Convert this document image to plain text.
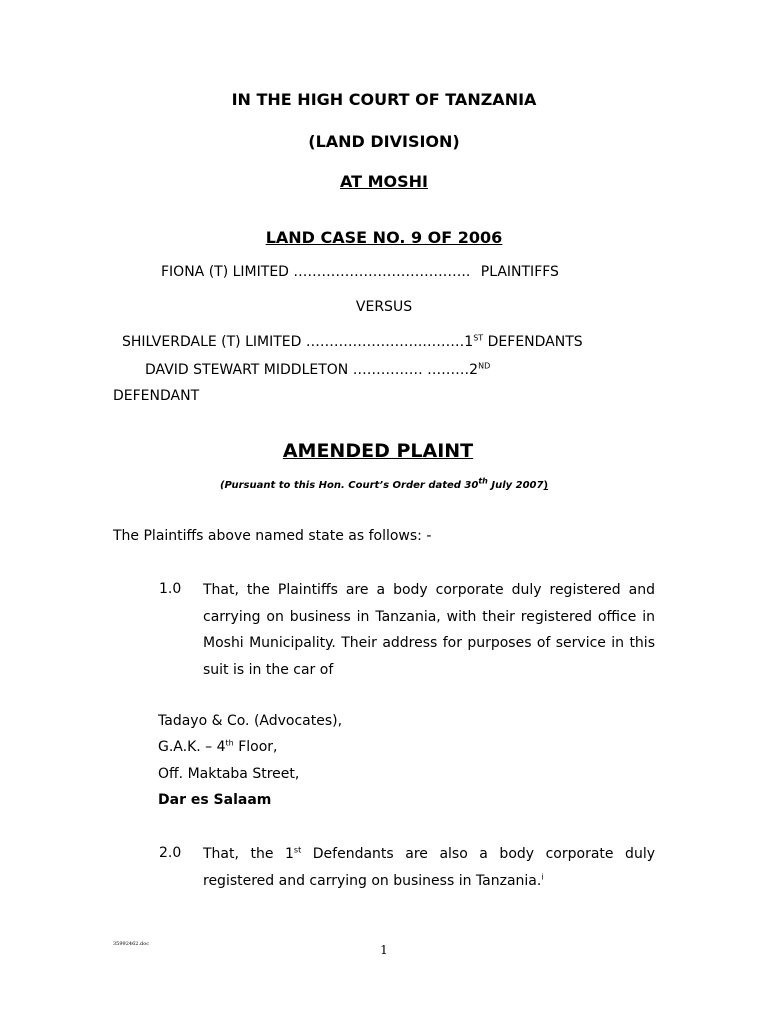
IN THE HIGH COURT OF TANZANIA
(LAND DIVISION)
AT MOSHI
LAND CASE NO. 9 OF 2006
FIONA (T) LIMITED ……………………………….. PLAINTIFFS
VERSUS
SHILVERDALE (T) LIMITED …………………….………1ST DEFENDANTS
DAVID STEWART MIDDLETON …………… ………2ND
DEFENDANT
AMENDED PLAINT
(Pursuant to this Hon. Court’s Order dated 30th July 2007)
The Plaintiffs above named state as follows: -
1.0 That, the Plaintiffs are a body corporate duly registered and carrying on business in Tanzania, with their registered office in Moshi Municipality. Their address for purposes of service in this suit is in the car of
Tadayo & Co. (Advocates),
G.A.K. – 4th Floor,
Off. Maktaba Street,
Dar es Salaam
2.0 That, the 1st Defendants are also a body corporate duly registered and carrying on business in Tanzania.$^i$
35992462.doc	1
